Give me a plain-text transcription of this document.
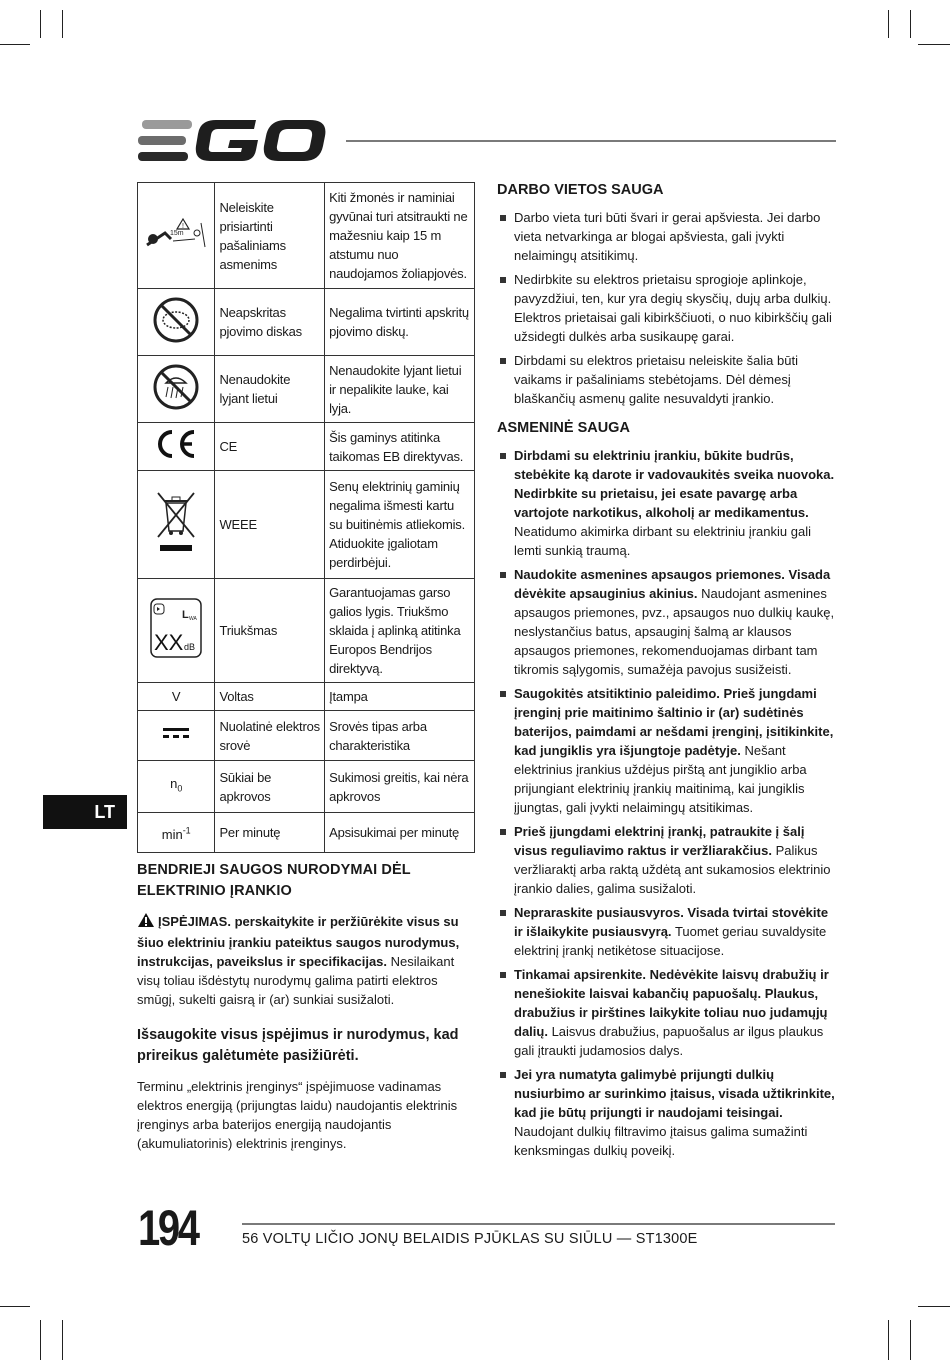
!
15m	Neleiskite prisiartinti pašaliniams asmenims	Kiti žmonės ir naminiai gyvūnai turi atsitraukti ne mažesniu kaip 15 m atstumu nuo naudojamos žoliapjovės.
	Neapskritas pjovimo diskas	Negalima tvirtinti apskritų pjovimo diskų.
	Nenaudokite lyjant lietui	Nenaudokite lyjant lietui ir nepalikite lauke, kai lyja.
	CE	Šis gaminys atitinka taikomas EB direktyvas.
	WEEE	Senų elektrinių gaminių negalima išmesti kartu su buitinėmis atliekomis. Atiduokite įgaliotam perdirbėjui.

L WA
XX dB	Triukšmas	Garantuojamas garso galios lygis. Triukšmo sklaida į aplinką atitinka Europos Bendrijos direktyvą.
V	Voltas	Įtampa
	Nuolatinė elektros srovė	Srovės tipas arba charakteristika
$n_0$	Sūkiai be apkrovos	Sukimosi greitis, kai nėra apkrovos
$\min^{-1}$	Per minutę	Apsisukimai per minutę
BENDRIEJI SAUGOS NURODYMAI DĖL ELEKTRINIO ĮRANKIO

ĮSPĖJIMAS. perskaitykite ir peržiūrėkite visus su šiuo elektriniu įrankiu pateiktus saugos nurodymus, instrukcijas, paveikslus ir specifikacijas. Nesilaikant visų toliau išdėstytų nurodymų galima patirti elektros smūgį, sukelti gaisrą ir (ar) sunkiai susižaloti.

Išsaugokite visus įspėjimus ir nurodymus, kad prireikus galėtumėte pasižiūrėti.

Terminu „elektrinis įrenginys“ įspėjimuose vadinamas elektros energiją (prijungtas laidu) naudojantis elektrinis įrenginys arba baterijos energiją naudojantis (akumuliatorinis) elektrinis įrenginys.

DARBO VIETOS SAUGA
Darbo vieta turi būti švari ir gerai apšviesta. Jei darbo vieta netvarkinga ar blogai apšviesta, gali įvykti nelaimingų atsitikimų.
Nedirbkite su elektros prietaisu sprogioje aplinkoje, pavyzdžiui, ten, kur yra degių skysčių, dujų arba dulkių. Elektros prietaisai gali kibirkščiuoti, o nuo kibirkščių gali užsidegti dulkės arba susikaupę garai.
Dirbdami su elektros prietaisu neleiskite šalia būti vaikams ir pašaliniams stebėtojams. Dėl dėmesį blaškančių asmenų galite nesuvaldyti įrankio.
ASMENINĖ SAUGA
Dirbdami su elektriniu įrankiu, būkite budrūs, stebėkite ką darote ir vadovaukitės sveika nuovoka. Nedirbkite su prietaisu, jei esate pavargę arba vartojote narkotikus, alkoholį ar medikamentus. Neatidumo akimirka dirbant su elektriniu įrankiu gali lemti sunkią traumą.
Naudokite asmenines apsaugos priemones. Visada dėvėkite apsauginius akinius. Naudojant asmenines apsaugos priemones, pvz., apsaugos nuo dulkių kaukę, neslystančius batus, apsauginį šalmą ar klausos apsaugos priemones, rekomenduojamas dirbant tam tikromis sąlygomis, sumažėja pavojus susižeisti.
Saugokitės atsitiktinio paleidimo. Prieš jungdami įrenginį prie maitinimo šaltinio ir (ar) sudėtinės baterijos, paimdami ar nešdami įrenginį, įsitikinkite, kad jungiklis yra išjungtoje padėtyje. Nešant elektrinius įrankius uždėjus pirštą ant jungiklio arba prijungiant elektrinių įrankių maitinimą, kai jungiklis įjungtas, gali įvykti nelaimingų atsitikimas.
Prieš įjungdami elektrinį įrankį, patraukite į šalį visus reguliavimo raktus ir veržliarakčius. Palikus veržliaraktį arba raktą uždėtą ant sukamosios elektrinio įrankio dalies, galima susižaloti.
Nepraraskite pusiausvyros. Visada tvirtai stovėkite ir išlaikykite pusiausvyrą. Tuomet geriau suvaldysite elektrinį įrankį netikėtose situacijose.
Tinkamai apsirenkite. Nedėvėkite laisvų drabužių ir nenešiokite laisvai kabančių papuošalų. Plaukus, drabužius ir pirštines laikykite toliau nuo judamųjų dalių. Laisvus drabužius, papuošalus ar ilgus plaukus gali įtraukti judamosios dalys.
Jei yra numatyta galimybė prijungti dulkių nusiurbimo ar surinkimo įtaisus, visada užtikrinkite, kad jie būtų prijungti ir naudojami teisingai. Naudojant dulkių filtravimo įtaisus galima sumažinti kenksmingas dulkių poveikį.
LT
194	56 VOLTŲ LIČIO JONŲ BELAIDIS PJŪKLAS SU SIŪLU — ST1300E
